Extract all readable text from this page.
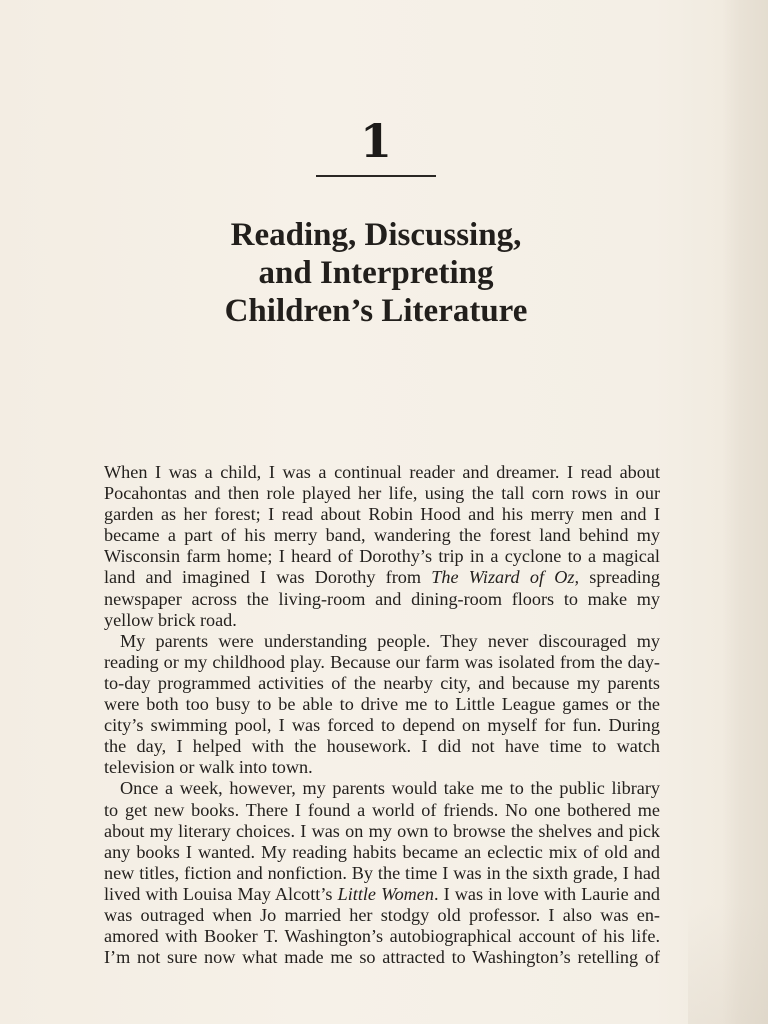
1
Reading, Discussing,
and Interpreting
Children’s Literature
When I was a child, I was a continual reader and dreamer. I read about
Pocahontas and then role played her life, using the tall corn rows in our
garden as her forest; I read about Robin Hood and his merry men and I
became a part of his merry band, wandering the forest land behind my
Wisconsin farm home; I heard of Dorothy’s trip in a cyclone to a magical
land and imagined I was Dorothy from The Wizard of Oz, spreading
newspaper across the living-room and dining-room floors to make my
yellow brick road.
My parents were understanding people. They never discouraged my
reading or my childhood play. Because our farm was isolated from the day-
to-day programmed activities of the nearby city, and because my parents
were both too busy to be able to drive me to Little League games or the
city’s swimming pool, I was forced to depend on myself for fun. During
the day, I helped with the housework. I did not have time to watch
television or walk into town.
Once a week, however, my parents would take me to the public library
to get new books. There I found a world of friends. No one bothered me
about my literary choices. I was on my own to browse the shelves and pick
any books I wanted. My reading habits became an eclectic mix of old and
new titles, fiction and nonfiction. By the time I was in the sixth grade, I had
lived with Louisa May Alcott’s Little Women. I was in love with Laurie and
was outraged when Jo married her stodgy old professor. I also was en-
amored with Booker T. Washington’s autobiographical account of his life.
I’m not sure now what made me so attracted to Washington’s retelling of
